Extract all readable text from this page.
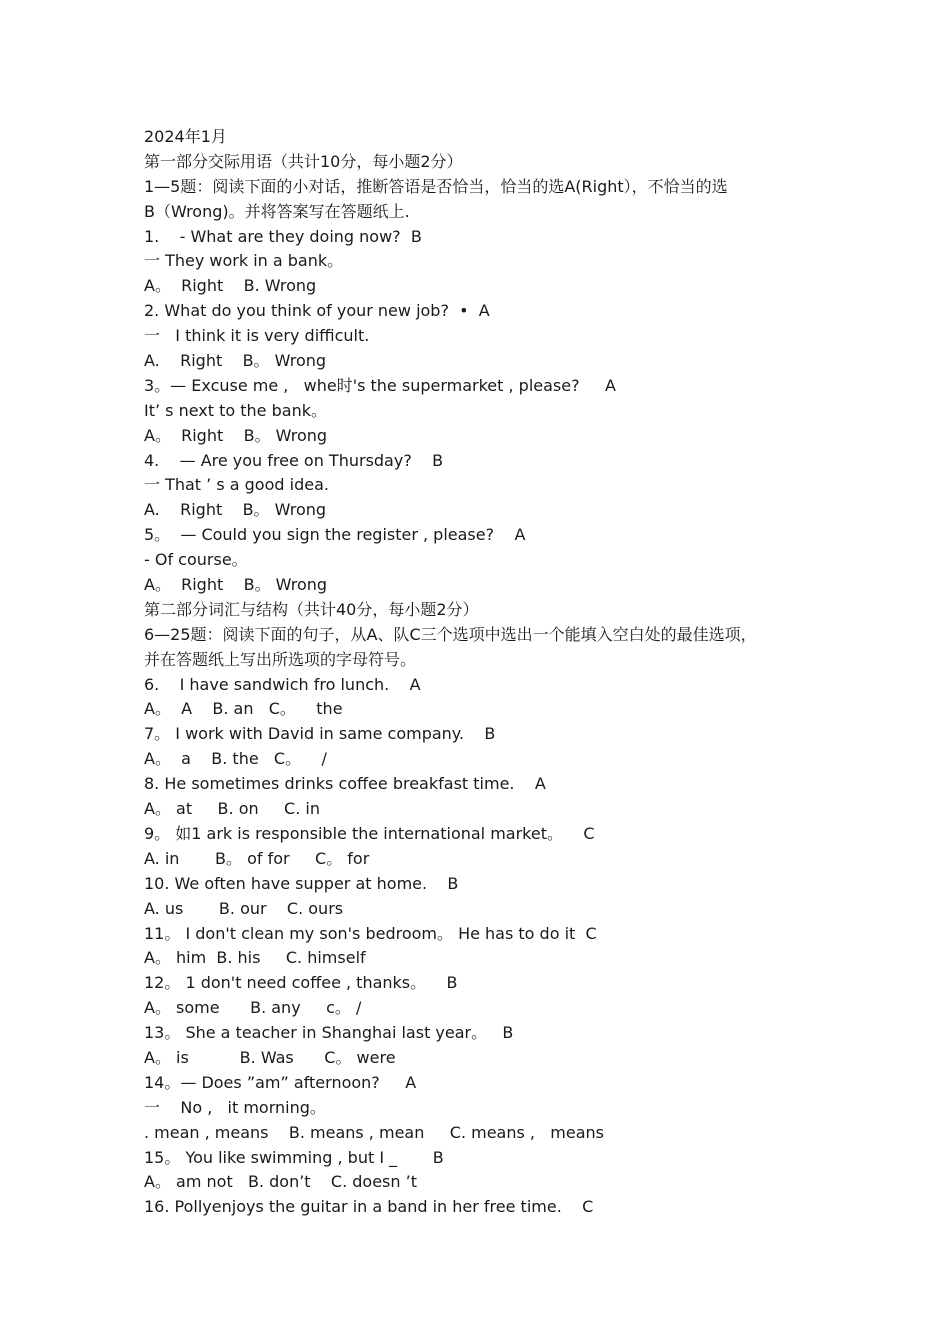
2024年1月
第一部分交际用语（共计10分，每小题2分）
1—5题：阅读下面的小对话，推断答语是否恰当，恰当的选A(Right），不恰当的选
B（Wrong)。并将答案写在答题纸上.
1.    - What are they doing now?  B
一 They work in a bank。
A。  Right    B. Wrong
2. What do you think of your new job?  •  A
一   I think it is very difficult.
A.    Right    B。 Wrong
3。— Excuse me ,   whe时's the supermarket , please?     A
It’ s next to the bank。
A。  Right    B。 Wrong
4.    — Are you free on Thursday?    B
一 That ’ s a good idea.
A.    Right    B。 Wrong
5。  — Could you sign the register , please?    A
- Of course。
A。  Right    B。 Wrong
第二部分词汇与结构（共计40分，每小题2分）
6—25题：阅读下面的句子，从A、队C三个选项中选出一个能填入空白处的最佳选项，
并在答题纸上写出所选项的字母符号。
6.    I have sandwich fro lunch.    A
A。  A    B. an   C。    the
7。 I work with David in same company.    B
A。  a    B. the   C。    /
8. He sometimes drinks coffee breakfast time.    A
A。 at     B. on     C. in
9。 如1 ark is responsible the international market。    C
A. in       B。 of for     C。 for
10. We often have supper at home.    B
A. us       B. our    C. ours
11。 I don't clean my son's bedroom。 He has to do it  C
A。 him  B. his     C. himself
12。 1 don't need coffee , thanks。    B
A。 some      B. any     c。 /
13。 She a teacher in Shanghai last year。   B
A。 is          B. Was      C。 were
14。— Does ”am” afternoon?     A
一    No ,   it morning。
. mean , means    B. means , mean     C. means ,   means
15。 You like swimming , but I _       B
A。 am not   B. don’t    C. doesn ’t
16. Pollyenjoys the guitar in a band in her free time.    C
